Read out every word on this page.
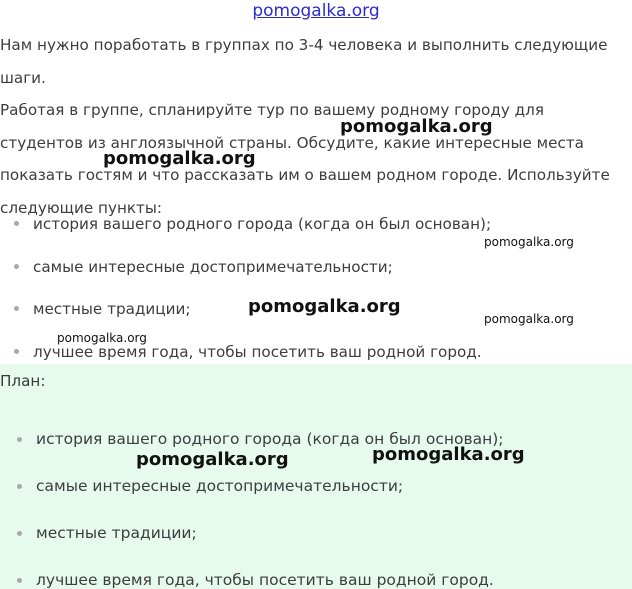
pomogalka.org

Нам нужно поработать в группах по 3-4 человека и выполнить следующие шаги.

Работая в группе, спланируйте тур по вашему родному городу для студентов из англоязычной страны. Обсудите, какие интересные места показать гостям и что рассказать им о вашем родном городе. Используйте следующие пункты:

история вашего родного города (когда он был основан);
самые интересные достопримечательности;
местные традиции;
лучшее время года, чтобы посетить ваш родной город.
План:
история вашего родного города (когда он был основан);
самые интересные достопримечательности;
местные традиции;
лучшее время года, чтобы посетить ваш родной город.
pomogalka.org
pomogalka.org
pomogalka.org
pomogalka.org
pomogalka.org
pomogalka.org
pomogalka.org	pomogalka.org
